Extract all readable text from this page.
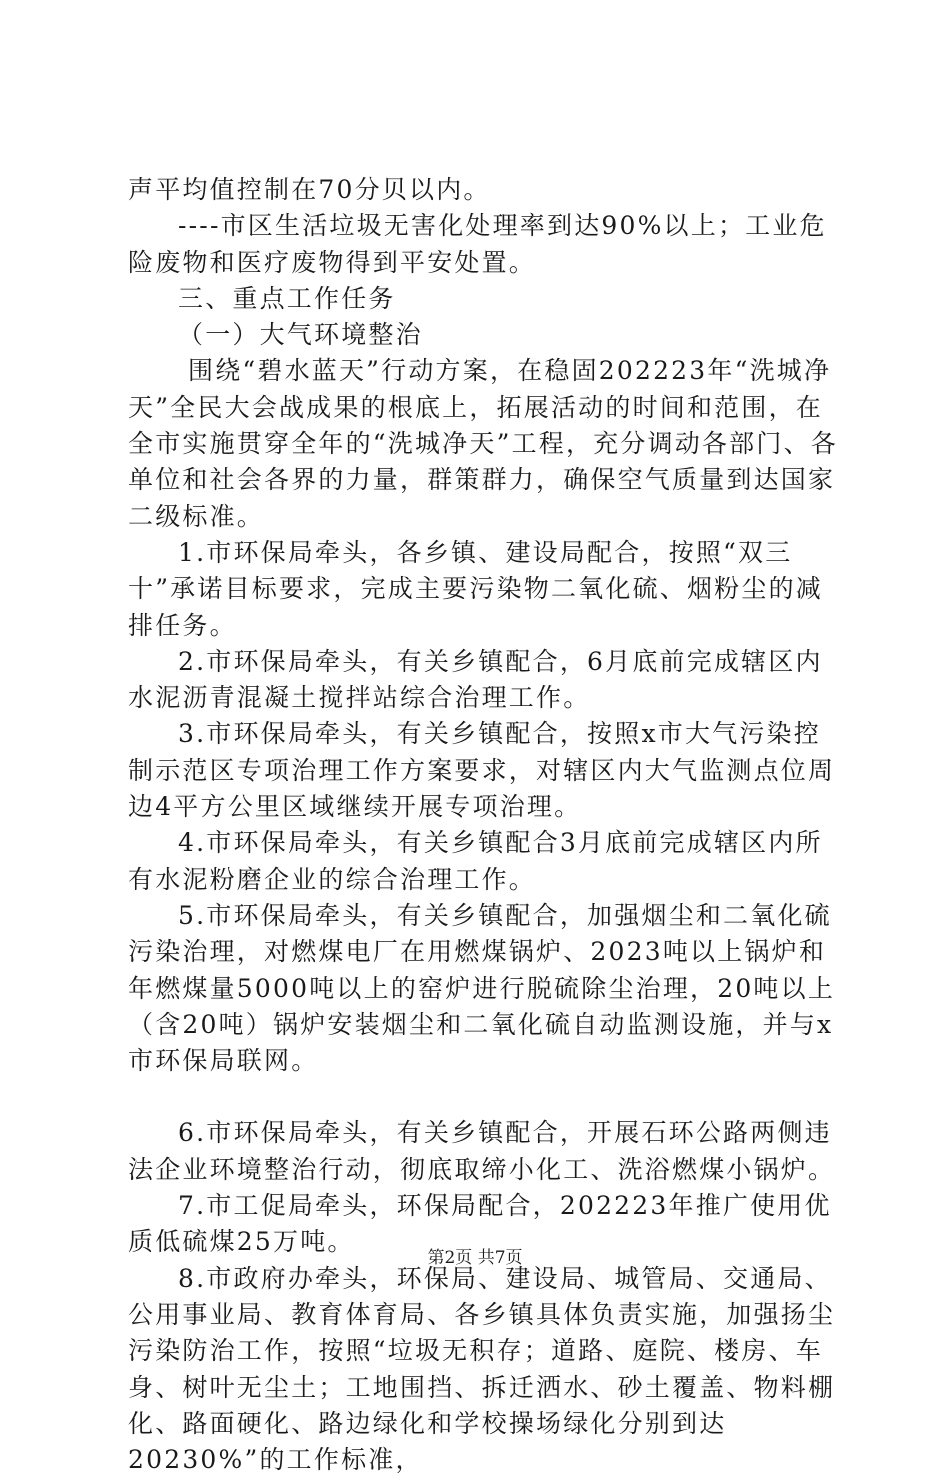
声平均值控制在70分贝以内。

----市区生活垃圾无害化处理率到达90%以上；工业危险废物和医疗废物得到平安处置。

三、重点工作任务

（一）大气环境整治

围绕“碧水蓝天”行动方案，在稳固202223年“洗城净天”全民大会战成果的根底上，拓展活动的时间和范围，在全市实施贯穿全年的“洗城净天”工程，充分调动各部门、各单位和社会各界的力量，群策群力，确保空气质量到达国家二级标准。

1.市环保局牵头，各乡镇、建设局配合，按照“双三十”承诺目标要求，完成主要污染物二氧化硫、烟粉尘的减排任务。

2.市环保局牵头，有关乡镇配合，6月底前完成辖区内水泥沥青混凝土搅拌站综合治理工作。

3.市环保局牵头，有关乡镇配合，按照x市大气污染控制示范区专项治理工作方案要求，对辖区内大气监测点位周边4平方公里区域继续开展专项治理。

4.市环保局牵头，有关乡镇配合3月底前完成辖区内所有水泥粉磨企业的综合治理工作。

5.市环保局牵头，有关乡镇配合，加强烟尘和二氧化硫污染治理，对燃煤电厂在用燃煤锅炉、2023吨以上锅炉和年燃煤量5000吨以上的窑炉进行脱硫除尘治理，20吨以上（含20吨）锅炉安装烟尘和二氧化硫自动监测设施，并与x市环保局联网。

6.市环保局牵头，有关乡镇配合，开展石环公路两侧违法企业环境整治行动，彻底取缔小化工、洗浴燃煤小锅炉。

7.市工促局牵头，环保局配合，202223年推广使用优质低硫煤25万吨。

8.市政府办牵头，环保局、建设局、城管局、交通局、公用事业局、教育体育局、各乡镇具体负责实施，加强扬尘污染防治工作，按照“垃圾无积存；道路、庭院、楼房、车身、树叶无尘土；工地围挡、拆迁洒水、砂土覆盖、物料棚化、路面硬化、路边绿化和学校操场绿化分别到达20230%”的工作标准，

第2页 共7页
